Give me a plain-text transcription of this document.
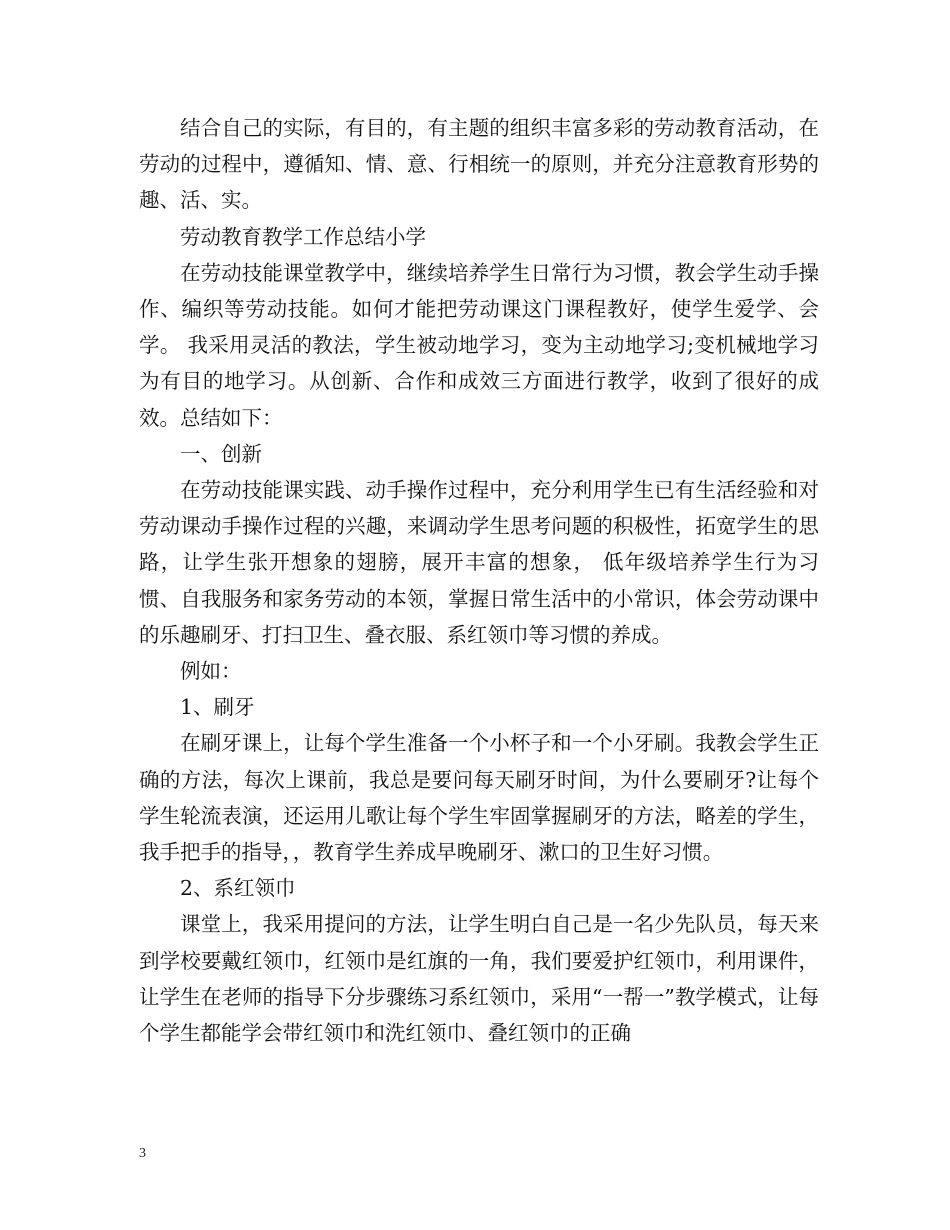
结合自己的实际，有目的，有主题的组织丰富多彩的劳动教育活动，在劳动的过程中，遵循知、情、意、行相统一的原则，并充分注意教育形势的趣、活、实。

劳动教育教学工作总结小学

在劳动技能课堂教学中，继续培养学生日常行为习惯，教会学生动手操作、编织等劳动技能。如何才能把劳动课这门课程教好，使学生爱学、会学。 我采用灵活的教法，学生被动地学习，变为主动地学习;变机械地学习为有目的地学习。从创新、合作和成效三方面进行教学，收到了很好的成效。总结如下：

一、创新

在劳动技能课实践、动手操作过程中，充分利用学生已有生活经验和对劳动课动手操作过程的兴趣，来调动学生思考问题的积极性，拓宽学生的思路，让学生张开想象的翅膀，展开丰富的想象， 低年级培养学生行为习惯、自我服务和家务劳动的本领，掌握日常生活中的小常识，体会劳动课中的乐趣刷牙、打扫卫生、叠衣服、系红领巾等习惯的养成。

例如：

1、刷牙

在刷牙课上，让每个学生准备一个小杯子和一个小牙刷。我教会学生正确的方法，每次上课前，我总是要问每天刷牙时间，为什么要刷牙?让每个学生轮流表演，还运用儿歌让每个学生牢固掌握刷牙的方法，略差的学生，我手把手的指导，，教育学生养成早晚刷牙、漱口的卫生好习惯。

2、系红领巾

课堂上，我采用提问的方法，让学生明白自己是一名少先队员，每天来到学校要戴红领巾，红领巾是红旗的一角，我们要爱护红领巾，利用课件，让学生在老师的指导下分步骤练习系红领巾，采用“一帮一”教学模式，让每个学生都能学会带红领巾和洗红领巾、叠红领巾的正确

3
